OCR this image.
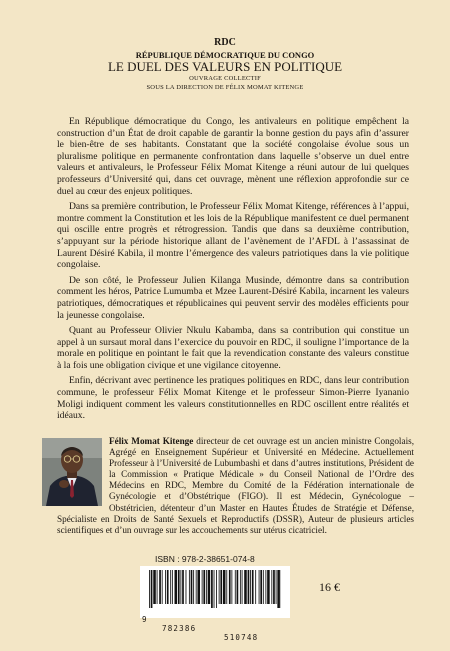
RDC
RÉPUBLIQUE DÉMOCRATIQUE DU CONGO
LE DUEL DES VALEURS EN POLITIQUE
OUVRAGE COLLECTIF
SOUS LA DIRECTION DE FÉLIX MOMAT KITENGE

En République démocratique du Congo, les antivaleurs en politique empêchent la construction d’un État de droit capable de garantir la bonne gestion du pays afin d’assurer le bien-être de ses habitants. Constatant que la société congolaise évolue sous un pluralisme politique en permanente confrontation dans laquelle s’observe un duel entre valeurs et antivaleurs, le Professeur Félix Momat Kitenge a réuni autour de lui quelques professeurs d’Université qui, dans cet ouvrage, mènent une réflexion approfondie sur ce duel au cœur des enjeux politiques.

Dans sa première contribution, le Professeur Félix Momat Kitenge, références à l’appui, montre comment la Constitution et les lois de la République manifestent ce duel permanent qui oscille entre progrès et rétrogression. Tandis que dans sa deuxième contribution, s’appuyant sur la période historique allant de l’avènement de l’AFDL à l’assassinat de Laurent Désiré Kabila, il montre l’émergence des valeurs patriotiques dans la vie politique congolaise.

De son côté, le Professeur Julien Kilanga Musinde, démontre dans sa contribution comment les héros, Patrice Lumumba et Mzee Laurent-Désiré Kabila, incarnent les valeurs patriotiques, démocratiques et républicaines qui peuvent servir des modèles efficients pour la jeunesse congolaise.

Quant au Professeur Olivier Nkulu Kabamba, dans sa contribution qui constitue un appel à un sursaut moral dans l’exercice du pouvoir en RDC, il souligne l’importance de la morale en politique en pointant le fait que la revendication constante des valeurs constitue à la fois une obligation civique et une vigilance citoyenne.

Enfin, décrivant avec pertinence les pratiques politiques en RDC, dans leur contribution commune, le professeur Félix Momat Kitenge et le professeur Simon-Pierre Iyananio Moligi indiquent comment les valeurs constitutionnelles en RDC oscillent entre réalités et idéaux.

Félix Momat Kitenge directeur de cet ouvrage est un ancien ministre Congolais, Agrégé en Enseignement Supérieur et Université en Médecine. Actuellement Professeur à l’Université de Lubumbashi et dans d’autres institutions, Président de la Commission « Pratique Médicale » du Conseil National de l’Ordre des Médecins en RDC, Membre du Comité de la Fédération internationale de Gynécologie et d’Obstétrique (FIGO). Il est Médecin, Gynécologue – Obstétricien, détenteur d’un Master en Hautes Études de Stratégie et Défense, Spécialiste en Droits de Santé Sexuels et Reproductifs (DSSR), Auteur de plusieurs articles scientifiques et d’un ouvrage sur les accouchements sur utérus cicatriciel.
ISBN : 978-2-38651-074-8

9

782386

510748

16 €
